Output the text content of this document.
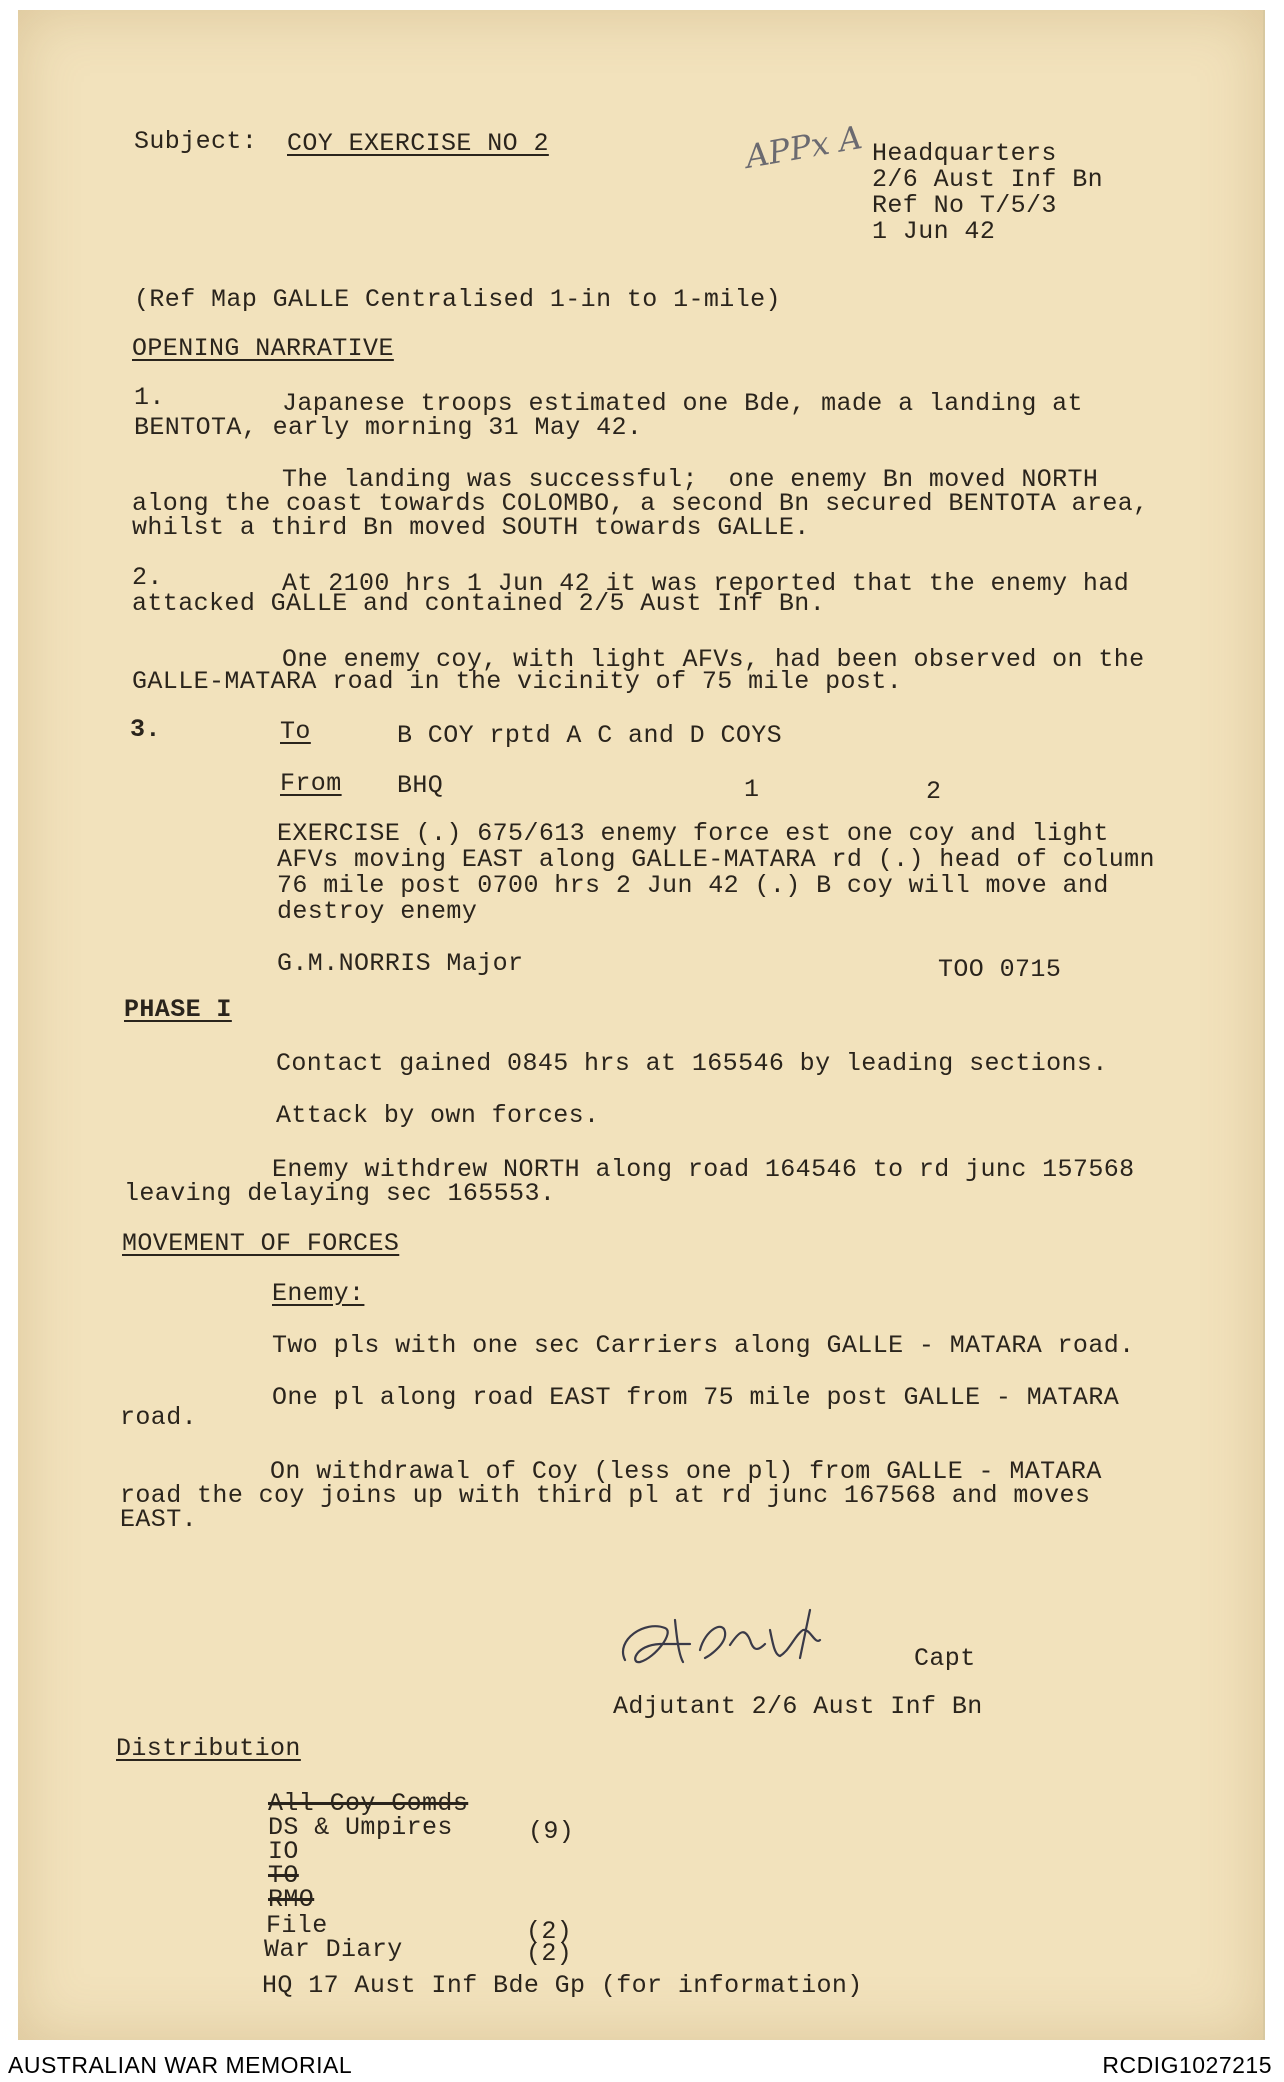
Subject: COY EXERCISE NO 2	APPx A Headquarters
2/6 Aust Inf Bn
Ref No T/5/3
1 Jun 42
(Ref Map GALLE Centralised 1-in to 1-mile)
OPENING NARRATIVE
1.	Japanese troops estimated one Bde, made a landing at
BENTOTA, early morning 31 May 42.
The landing was successful;  one enemy Bn moved NORTH
along the coast towards COLOMBO, a second Bn secured BENTOTA area,
whilst a third Bn moved SOUTH towards GALLE.
2.	At 2100 hrs 1 Jun 42 it was reported that the enemy had
attacked GALLE and contained 2/5 Aust Inf Bn.
One enemy coy, with light AFVs, had been observed on the
GALLE-MATARA road in the vicinity of 75 mile post.
3.	To	B COY rptd A C and D COYS
From BHQ	1	2
EXERCISE (.) 675/613 enemy force est one coy and light
AFVs moving EAST along GALLE-MATARA rd (.) head of column
76 mile post 0700 hrs 2 Jun 42 (.) B coy will move and
destroy enemy
G.M.NORRIS Major	TOO 0715
PHASE I
Contact gained 0845 hrs at 165546 by leading sections.
Attack by own forces.
Enemy withdrew NORTH along road 164546 to rd junc 157568
leaving delaying sec 165553.
MOVEMENT OF FORCES
Enemy:
Two pls with one sec Carriers along GALLE - MATARA road.
One pl along road EAST from 75 mile post GALLE - MATARA
road.
On withdrawal of Coy (less one pl) from GALLE - MATARA
road the coy joins up with third pl at rd junc 167568 and moves
EAST.
Capt
Adjutant 2/6 Aust Inf Bn
Distribution
All Coy Comds
DS & Umpires	(9)
IO
TO
RMO
File	(2)
War Diary	(2)
HQ 17 Aust Inf Bde Gp (for information)
AUSTRALIAN WAR MEMORIAL	RCDIG1027215
